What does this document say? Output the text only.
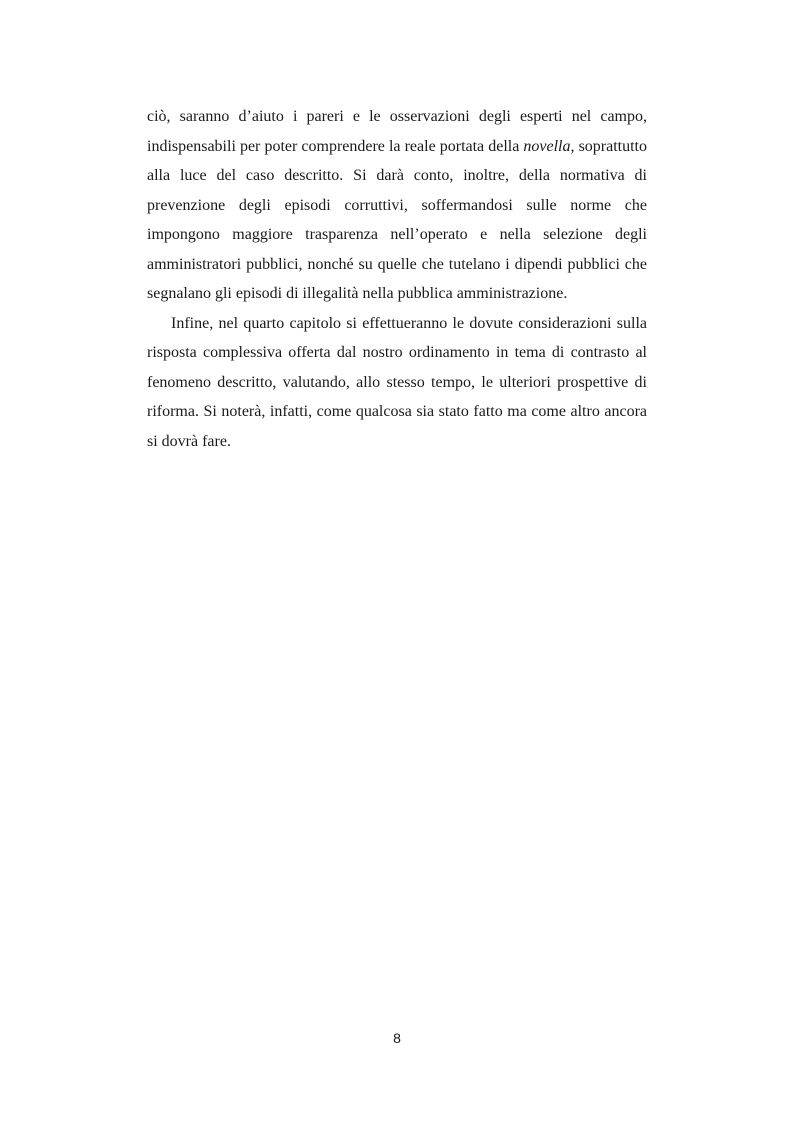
ciò, saranno d’aiuto i pareri e le osservazioni degli esperti nel campo, indispensabili per poter comprendere la reale portata della novella, soprattutto alla luce del caso descritto. Si darà conto, inoltre, della normativa di prevenzione degli episodi corruttivi, soffermandosi sulle norme che impongono maggiore trasparenza nell’operato e nella selezione degli amministratori pubblici, nonché su quelle che tutelano i dipendi pubblici che segnalano gli episodi di illegalità nella pubblica amministrazione.

Infine, nel quarto capitolo si effettueranno le dovute considerazioni sulla risposta complessiva offerta dal nostro ordinamento in tema di contrasto al fenomeno descritto, valutando, allo stesso tempo, le ulteriori prospettive di riforma. Si noterà, infatti, come qualcosa sia stato fatto ma come altro ancora si dovrà fare.

8
